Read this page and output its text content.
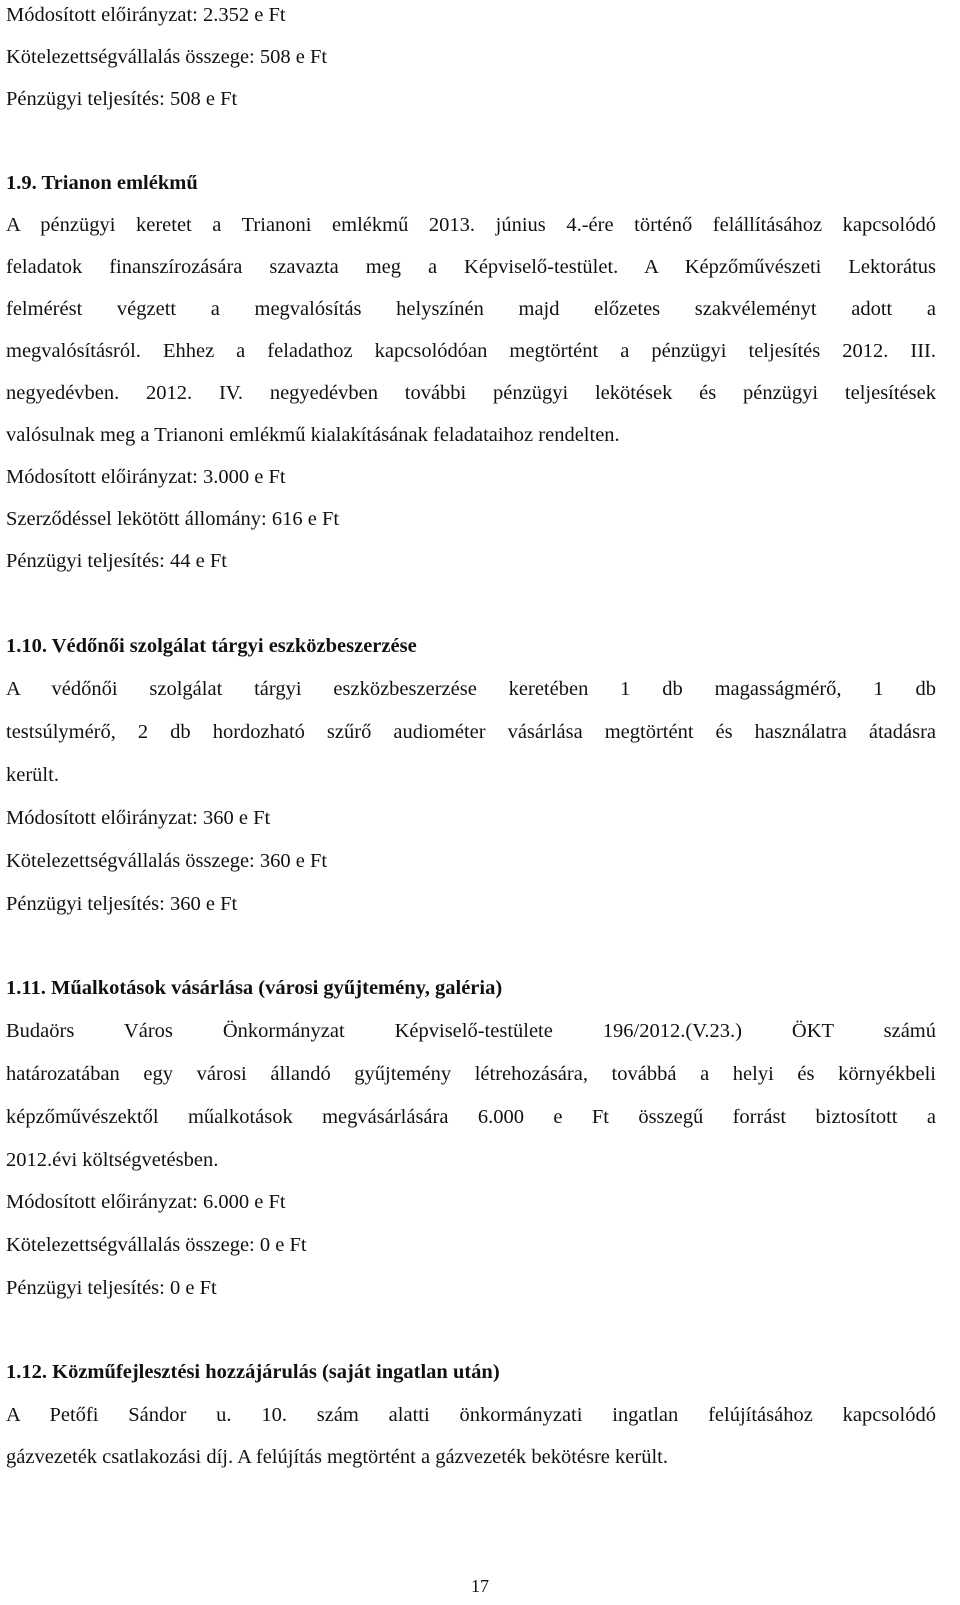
Módosított előirányzat: 2.352 e Ft
Kötelezettségvállalás összege: 508 e Ft
Pénzügyi teljesítés: 508 e Ft
1.9. Trianon emlékmű
A pénzügyi keretet a Trianoni emlékmű 2013. június 4.-ére történő felállításához kapcsolódó
feladatok finanszírozására szavazta meg a Képviselő-testület. A Képzőművészeti Lektorátus
felmérést végzett a megvalósítás helyszínén majd előzetes szakvéleményt adott a
megvalósításról. Ehhez a feladathoz kapcsolódóan megtörtént a pénzügyi teljesítés 2012. III.
negyedévben. 2012. IV. negyedévben további pénzügyi lekötések és pénzügyi teljesítések
valósulnak meg a Trianoni emlékmű kialakításának feladataihoz rendelten.
Módosított előirányzat: 3.000 e Ft
Szerződéssel lekötött állomány: 616 e Ft
Pénzügyi teljesítés: 44 e Ft
1.10. Védőnői szolgálat tárgyi eszközbeszerzése
A védőnői szolgálat tárgyi eszközbeszerzése keretében 1 db magasságmérő, 1 db
testsúlymérő, 2 db hordozható szűrő audiométer vásárlása megtörtént és használatra átadásra
került.
Módosított előirányzat: 360 e Ft
Kötelezettségvállalás összege: 360 e Ft
Pénzügyi teljesítés: 360 e Ft
1.11. Műalkotások vásárlása (városi gyűjtemény, galéria)
Budaörs Város Önkormányzat Képviselő-testülete 196/2012.(V.23.) ÖKT számú
határozatában egy városi állandó gyűjtemény létrehozására, továbbá a helyi és környékbeli
képzőművészektől műalkotások megvásárlására 6.000 e Ft összegű forrást biztosított a
2012.évi költségvetésben.
Módosított előirányzat: 6.000 e Ft
Kötelezettségvállalás összege: 0 e Ft
Pénzügyi teljesítés: 0 e Ft
1.12. Közműfejlesztési hozzájárulás (saját ingatlan után)
A Petőfi Sándor u. 10. szám alatti önkormányzati ingatlan felújításához kapcsolódó
gázvezeték csatlakozási díj. A felújítás megtörtént a gázvezeték bekötésre került.
17
